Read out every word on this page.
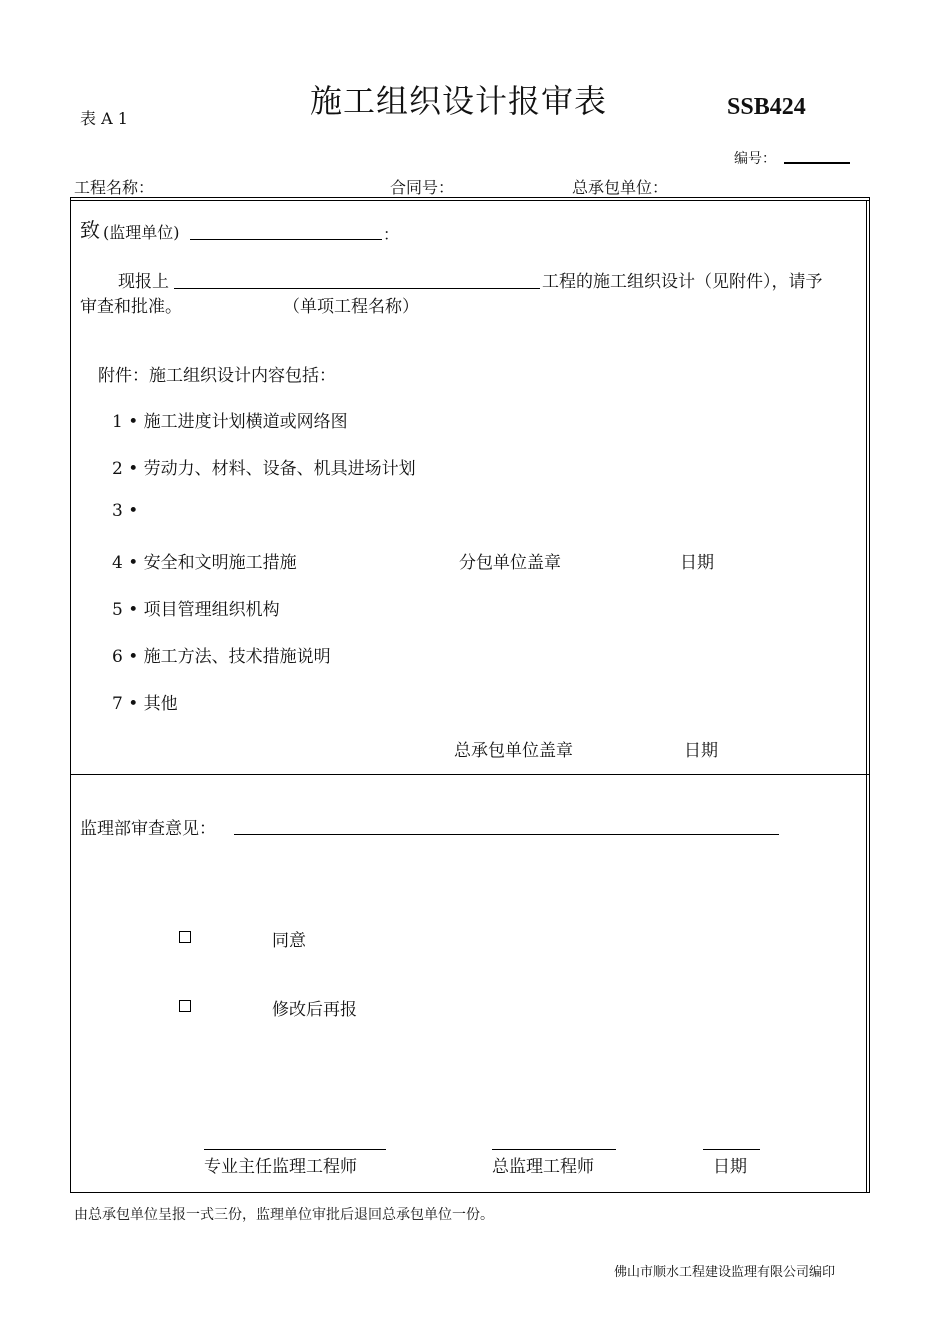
表 A 1	施工组织设计报审表	SSB424
编号：
工程名称：	合同号：	总承包单位：
致 (监理单位)	：
现报上	工程的施工组织设计（见附件），请予
审查和批准。	（单项工程名称）
附件：施工组织设计内容包括：
1 • 施工进度计划横道或网络图
2 • 劳动力、材料、设备、机具进场计划
3 •
4 • 安全和文明施工措施
5 • 项目管理组织机构
6 • 施工方法、技术措施说明
7 • 其他
分包单位盖章	日期
总承包单位盖章	日期
监理部审查意见：
同意
修改后再报
专业主任监理工程师	总监理工程师	日期
由总承包单位呈报一式三份，监理单位审批后退回总承包单位一份。
佛山市顺水工程建设监理有限公司编印
